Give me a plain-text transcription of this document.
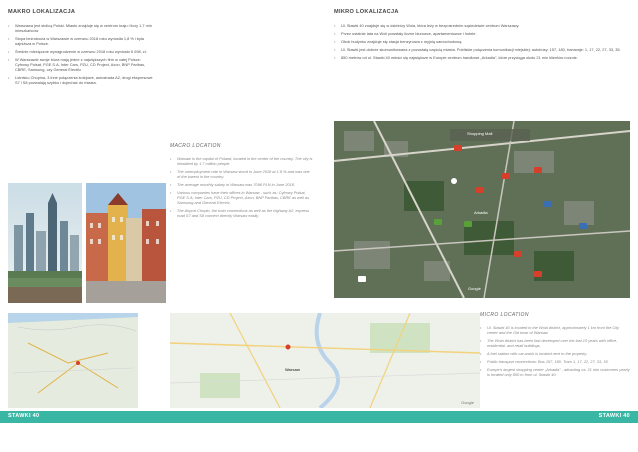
MAKRO LOKALIZACJA
• Warszawa jest stolicą Polski. Miasto znajduje się w centrum kraju i liczy 1,7 mln mieszkańców
• Stopa bezrobocia w Warszawie w czerwcu 2018 roku wynosiła 1,8 % i była najniższa w Polsce.
• Średnie miesięczne wynagrodzenie w czerwcu 2018 roku wyniosło 6 098, zł.
• W Warszawie swoje biura mają jedne z największych firm w całej Polsce: Cyfrowy Polsat, PGE S.A, Inter Cars, PZU, CD Project, Axon, BNP Paribas, CBRE, Samsung, czy General Electric
• Lotnisko Chopina, 3 inne połączenia kolejowe, autostrada A2, drogi ekspresowe S7 i S8 pozwalają szybko i dojechać do miasta.
MACRO LOCATION
• Warsaw is the capital of Poland, located in the center of the country. The city is inhabited by 1.7 million people.
• The unemployment rate in Warsaw stood in June 2018 at 1.8 % and was one of the lowest in the country.
• The average monthly salary in Warsaw was 7098 PLN in June 2018.
• Various companies have their offices in Warsaw - such as: Cyfrowy Polsat, PGE S.A, Inter Cars, PZU, CD Project, Axon, BNP Paribas, CBRE as well as Samsung and General Electric.
• The Airport Chopin, the train connections as well as the highway A2, express road S7 and S8 connect directly Warsaw easily.
Warsaw
Google
MIKRO LOKALIZACJA
• Ul. Stawki 40 znajduje się w dzielnicy Wola, która leży w bezpośrednim sąsiedztwie centrum Warszawy.
• Przez ostatnie lata na Woli powstały liczne biurowce, apartamentowce i hotele.
• Obok budynku znajduje się stacja benzynowa z myjnią samochodową.
• Ul. Stawki jest dobrze skomunikowana z pozostałą częścią miasta. Pobliskie połączenia komunikacji miejskiej: autobusy: 157, 180, tramwaje: 1, 17, 22, 27, 33, 35.
• 850 metrów od ul. Stawki 40 mieści się największe w Europie centrum handlowe „Arkadia", które przyciąga około 21 mln klientów rocznie.
Shopping Mall
Arkadia
Google
MICRO LOCATION
• Ul. Stawki 40 is located in the Wola district, approximately 1 km from the City center and the Old town of Warsaw.
• The Wola district has been fast developed over the last 10 years with office, residential- and retail buildings.
• A fuel station with car-wash is located next to the property.
• Public transport connections: Bus 157, 180, Tram 1, 17, 22, 27, 33, 35.
• Europe's largest shopping center „Arkadia" - attracting ca. 21 mln customers yearly is located only 850 m from ul. Stawki 40.
STAWKI 40	STAWKI 40
